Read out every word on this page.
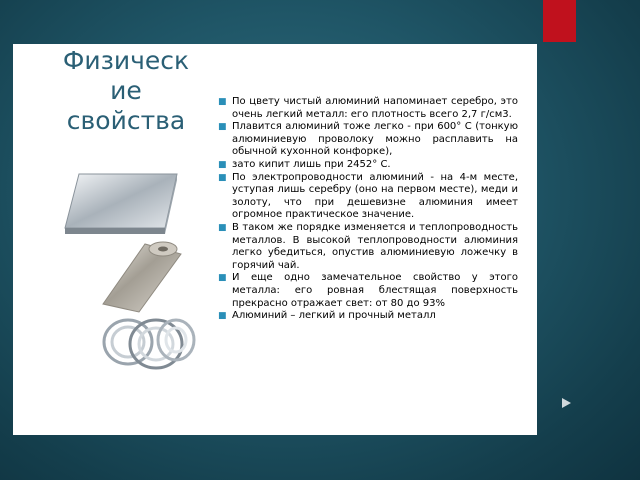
Физическ
ие
свойства
■ По цвету чистый алюминий напоминает серебро, это очень легкий металл: его плотность всего 2,7 г/см3.
■ Плавится алюминий тоже легко - при 600° С (тонкую алюминиевую проволоку можно расплавить на обычной кухонной конфорке),
■ зато кипит лишь при 2452° С.
■ По электропроводности алюминий - на 4-м месте, уступая лишь серебру (оно на первом месте), меди и золоту, что при дешевизне алюминия имеет огромное практическое значение.
■ В таком же порядке изменяется и теплопроводность металлов. В высокой теплопроводности алюминия легко убедиться, опустив алюминиевую ложечку в горячий чай.
■ И еще одно замечательное свойство у этого металла: его ровная блестящая поверхность прекрасно отражает свет: от 80 до 93%
■ Алюминий – легкий и прочный металл
